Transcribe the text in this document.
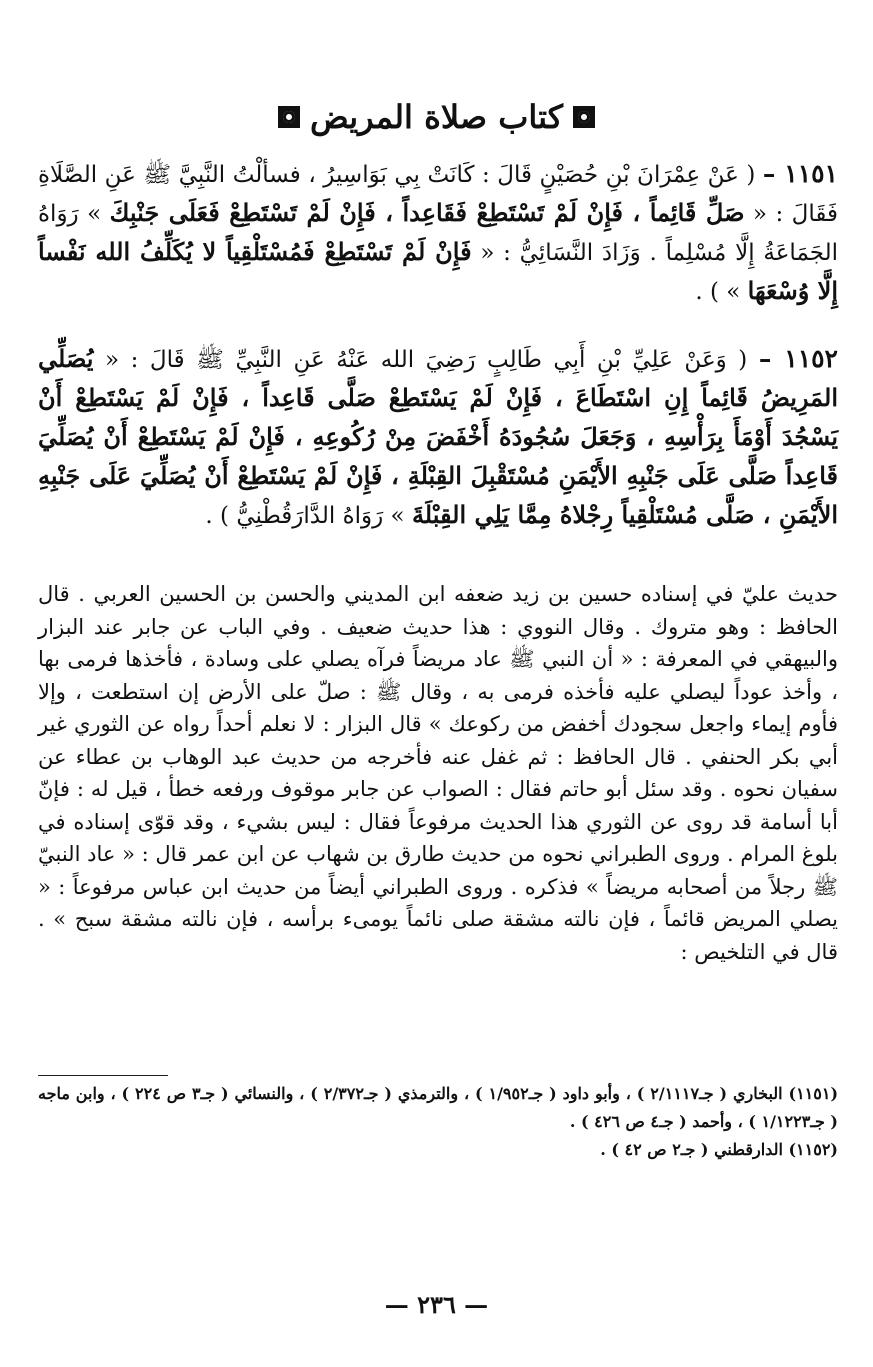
كتاب صلاة المريض
١١٥١ – ( عَنْ عِمْرَانَ بْنِ حُصَيْنٍ قَالَ : كَانَتْ بِي بَوَاسِيرُ ، فسألْتُ النَّبِيَّ ﷺ عَنِ الصَّلَاةِ فَقَالَ : « صَلِّ قَائِماً ، فَإِنْ لَمْ تَسْتَطِعْ فَقَاعِداً ، فَإِنْ لَمْ تَسْتَطِعْ فَعَلَى جَنْبِكَ » رَوَاهُ الجَمَاعَةُ إِلَّا مُسْلِماً . وَزَادَ النَّسَائِيُّ : « فَإِنْ لَمْ تَسْتَطِعْ فَمُسْتَلْقِياً لا يُكَلِّفُ الله نَفْساً إِلَّا وُسْعَهَا » ) .
١١٥٢ – ( وَعَنْ عَلِيِّ بْنِ أَبِي طَالِبٍ رَضِيَ الله عَنْهُ عَنِ النَّبِيِّ ﷺ قَالَ : « يُصَلِّي المَرِيضُ قَائِماً إِنِ اسْتَطَاعَ ، فَإِنْ لَمْ يَسْتَطِعْ صَلَّى قَاعِداً ، فَإِنْ لَمْ يَسْتَطِعْ أَنْ يَسْجُدَ أَوْمَأَ بِرَأْسِهِ ، وَجَعَلَ سُجُودَهُ أَخْفَضَ مِنْ رُكُوعِهِ ، فَإِنْ لَمْ يَسْتَطِعْ أَنْ يُصَلِّيَ قَاعِداً صَلَّى عَلَى جَنْبِهِ الأَيْمَنِ مُسْتَقْبِلَ القِبْلَةِ ، فَإِنْ لَمْ يَسْتَطِعْ أَنْ يُصَلِّيَ عَلَى جَنْبِهِ الأَيْمَنِ ، صَلَّى مُسْتَلْقِياً رِجْلاهُ مِمَّا يَلِي القِبْلَةَ » رَوَاهُ الدَّارَقُطْنِيُّ ) .
حديث عليّ في إسناده حسين بن زيد ضعفه ابن المديني والحسن بن الحسين العربي . قال الحافظ : وهو متروك . وقال النووي : هذا حديث ضعيف . وفي الباب عن جابر عند البزار والبيهقي في المعرفة : « أن النبي ﷺ عاد مريضاً فرآه يصلي على وسادة ، فأخذها فرمى بها ، وأخذ عوداً ليصلي عليه فأخذه فرمى به ، وقال ﷺ : صلّ على الأرض إن استطعت ، وإلا فأوم إيماء واجعل سجودك أخفض من ركوعك » قال البزار : لا نعلم أحداً رواه عن الثوري غير أبي بكر الحنفي . قال الحافظ : ثم غفل عنه فأخرجه من حديث عبد الوهاب بن عطاء عن سفيان نحوه . وقد سئل أبو حاتم فقال : الصواب عن جابر موقوف ورفعه خطأ ، قيل له : فإنّ أبا أسامة قد روى عن الثوري هذا الحديث مرفوعاً فقال : ليس بشيء ، وقد قوّى إسناده في بلوغ المرام . وروى الطبراني نحوه من حديث طارق بن شهاب عن ابن عمر قال : « عاد النبيّ ﷺ رجلاً من أصحابه مريضاً » فذكره . وروى الطبراني أيضاً من حديث ابن عباس مرفوعاً : « يصلي المريض قائماً ، فإن نالته مشقة صلى نائماً يومىء برأسه ، فإن نالته مشقة سبح » . قال في التلخيص :
(١١٥١) البخاري ( جـ٢/١١١٧ ) ، وأبو داود ( جـ١/٩٥٢ ) ، والترمذي ( جـ٢/٣٧٢ ) ، والنسائي ( جـ٣ ص ٢٢٤ ) ، وابن ماجه ( جـ١/١٢٢٣ ) ، وأحمد ( جـ٤ ص ٤٢٦ ) .
(١١٥٢) الدارقطني ( جـ٢ ص ٤٢ ) .
— ٢٣٦ —
